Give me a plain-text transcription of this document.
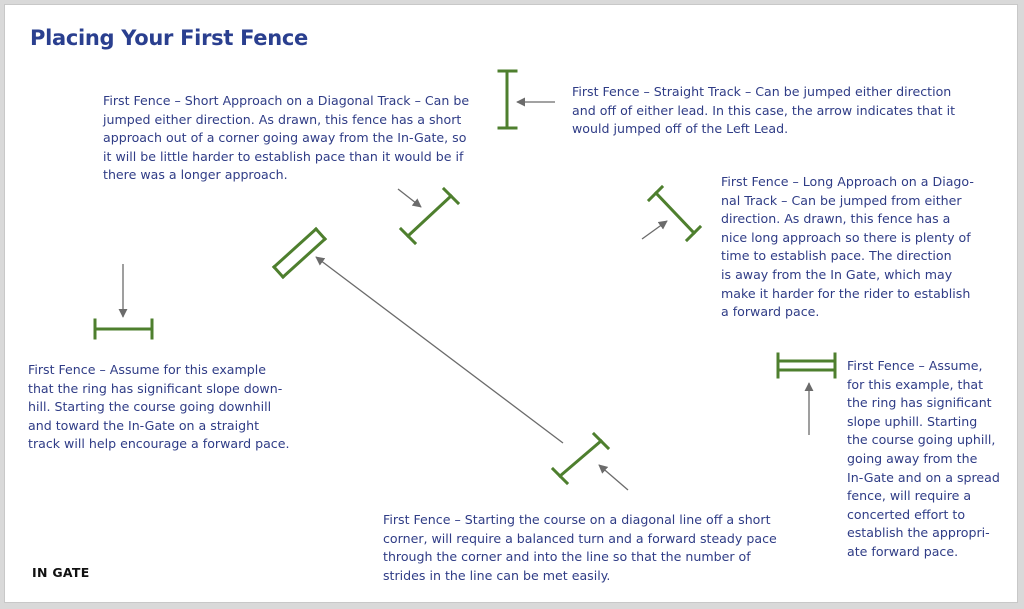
Placing Your First Fence

First Fence – Short Approach on a Diagonal Track – Can be
jumped either direction. As drawn, this fence has a short
approach out of a corner going away from the In-Gate, so
it will be little harder to establish pace than it would be if
there was a longer approach.

First Fence – Straight Track – Can be jumped either direction
and off of either lead. In this case, the arrow indicates that it
would jumped off of the Left Lead.

First Fence – Long Approach on a Diago-
nal Track – Can be jumped from either
direction. As drawn, this fence has a
nice long approach so there is plenty of
time to establish pace. The direction
is away from the In Gate, which may
make it harder for the rider to establish
a forward pace.

First Fence – Assume for this example
that the ring has significant slope down-
hill. Starting the course going downhill
and toward the In-Gate on a straight
track will help encourage a forward pace.

First Fence – Assume,
for this example, that
the ring has significant
slope uphill. Starting
the course going uphill,
going away from the
In-Gate and on a spread
fence, will require a
concerted effort to
establish the appropri-
ate forward pace.

First Fence – Starting the course on a diagonal line off a short
corner, will require a balanced turn and a forward steady pace
through the corner and into the line so that the number of
strides in the line can be met easily.

IN GATE
